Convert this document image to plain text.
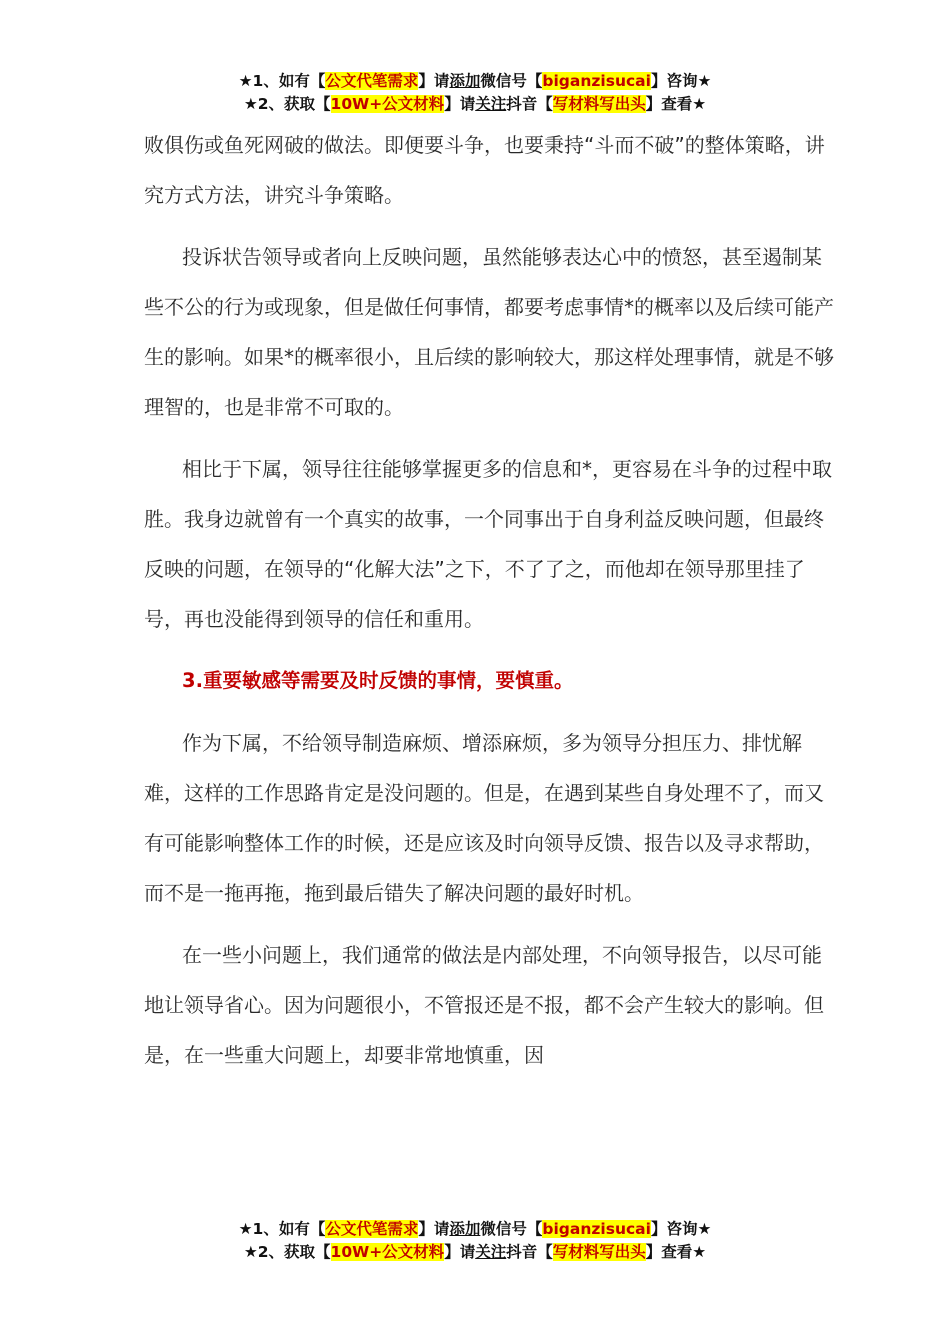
★1、如有【公文代笔需求】请添加微信号【biganzisucai】咨询★
★2、获取【10W+公文材料】请关注抖音【写材料写出头】查看★

败俱伤或鱼死网破的做法。即便要斗争，也要秉持“斗而不破”的整体策略，讲究方式方法，讲究斗争策略。

投诉状告领导或者向上反映问题，虽然能够表达心中的愤怒，甚至遏制某些不公的行为或现象，但是做任何事情，都要考虑事情*的概率以及后续可能产生的影响。如果*的概率很小，且后续的影响较大，那这样处理事情，就是不够理智的，也是非常不可取的。

相比于下属，领导往往能够掌握更多的信息和*，更容易在斗争的过程中取胜。我身边就曾有一个真实的故事，一个同事出于自身利益反映问题，但最终反映的问题，在领导的“化解大法”之下，不了了之，而他却在领导那里挂了号，再也没能得到领导的信任和重用。

3.重要敏感等需要及时反馈的事情，要慎重。

作为下属，不给领导制造麻烦、增添麻烦，多为领导分担压力、排忧解难，这样的工作思路肯定是没问题的。但是，在遇到某些自身处理不了，而又有可能影响整体工作的时候，还是应该及时向领导反馈、报告以及寻求帮助，而不是一拖再拖，拖到最后错失了解决问题的最好时机。

在一些小问题上，我们通常的做法是内部处理，不向领导报告，以尽可能地让领导省心。因为问题很小，不管报还是不报，都不会产生较大的影响。但是，在一些重大问题上，却要非常地慎重，因

★1、如有【公文代笔需求】请添加微信号【biganzisucai】咨询★
★2、获取【10W+公文材料】请关注抖音【写材料写出头】查看★
